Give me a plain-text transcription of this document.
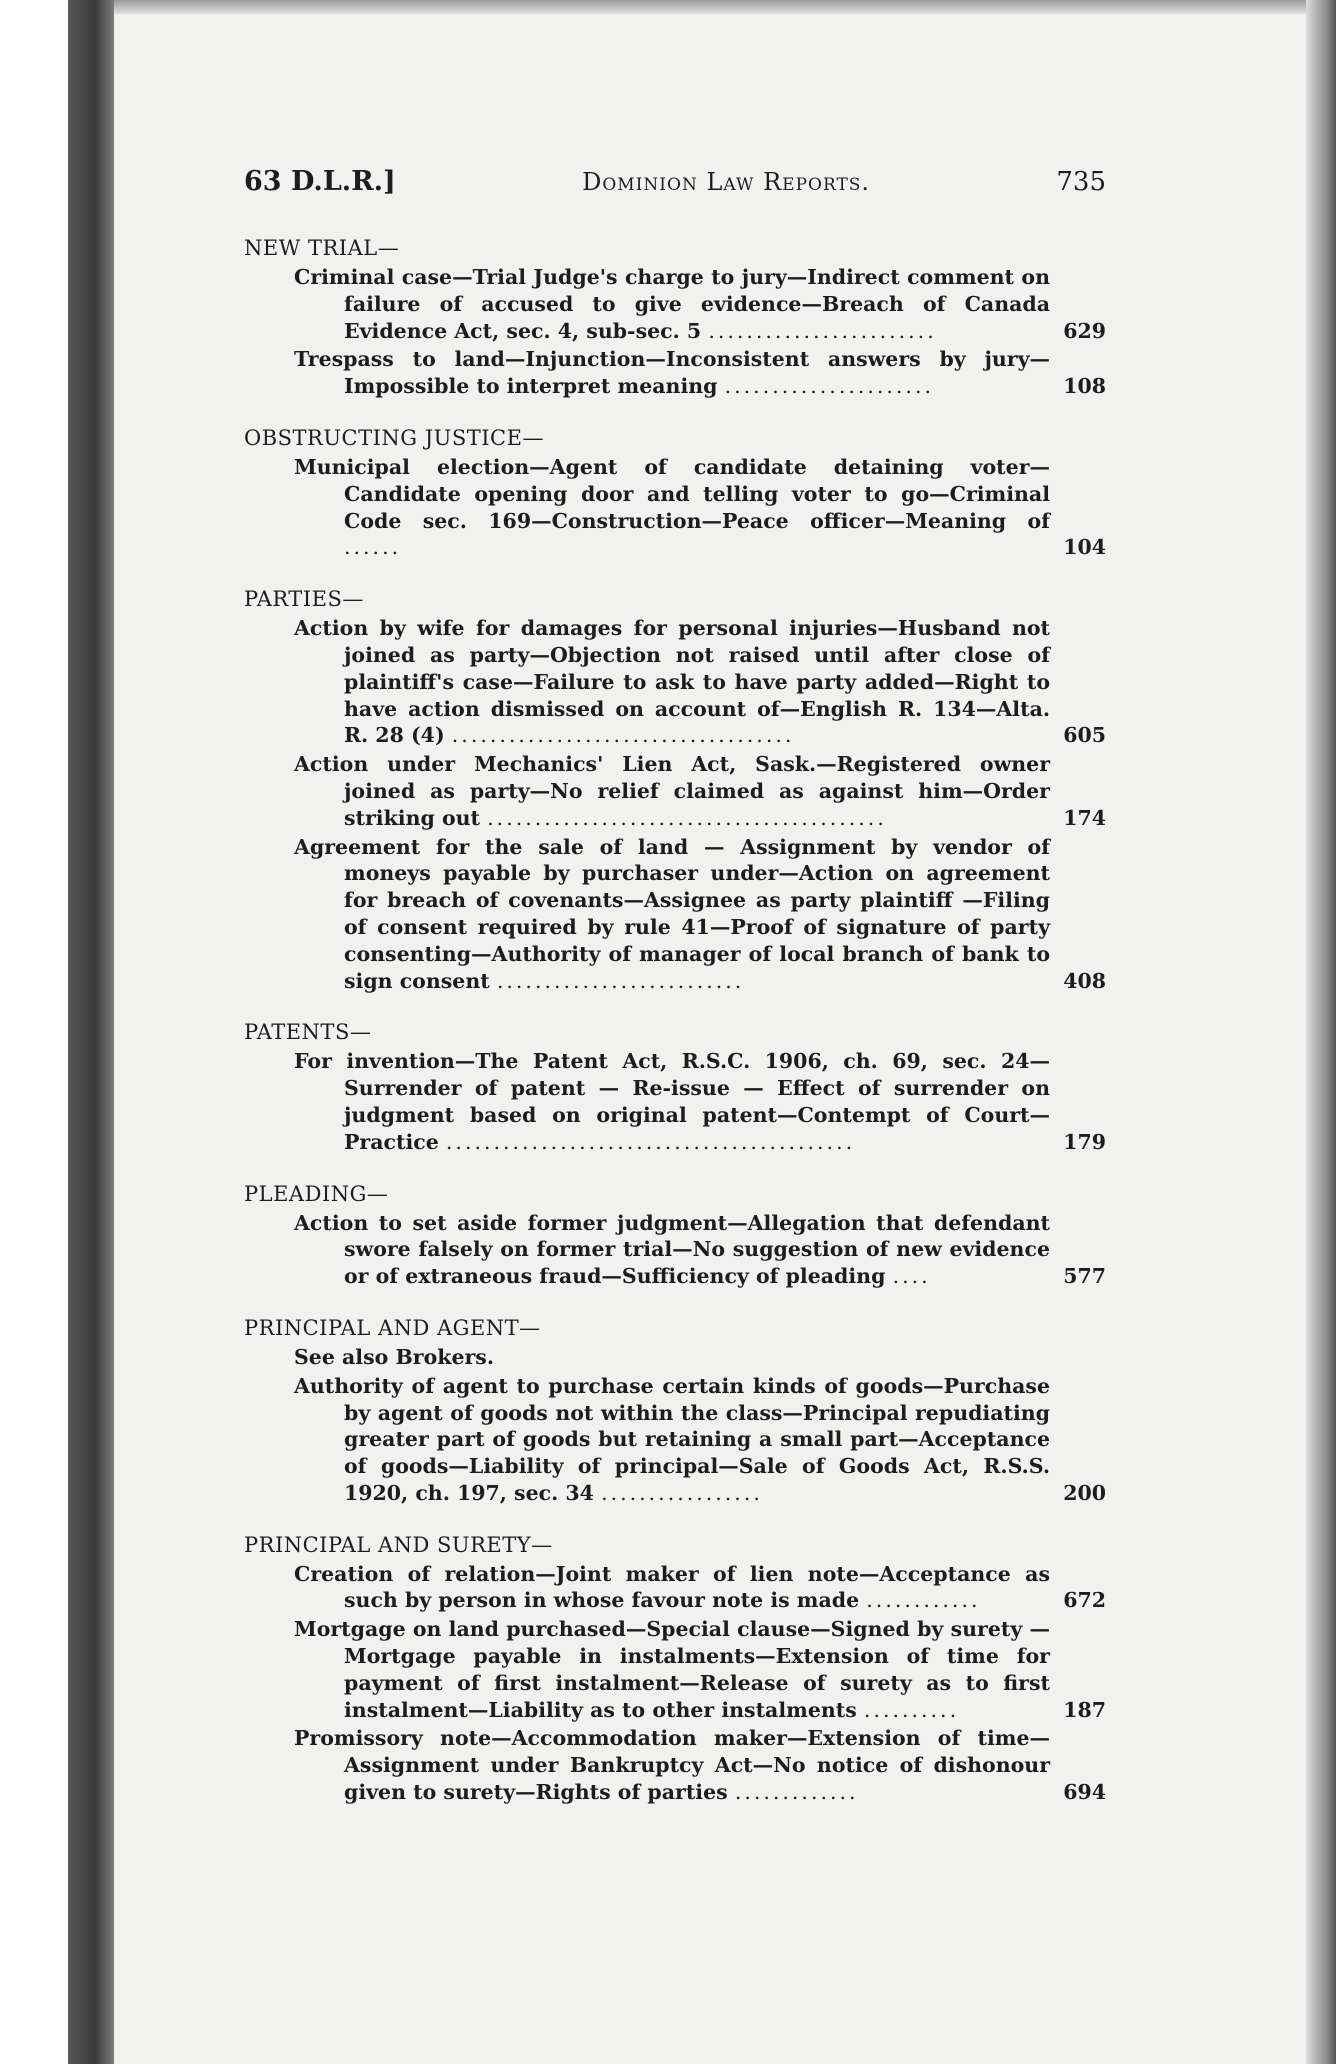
63 D.L.R.]	Dominion Law Reports.	735
NEW TRIAL—
Criminal case—Trial Judge's charge to jury—Indirect comment on failure of accused to give evidence—Breach of Canada Evidence Act, sec. 4, sub-sec. 5 ........................	629
Trespass to land—Injunction—Inconsistent answers by jury—Impossible to interpret meaning ......................	108
OBSTRUCTING JUSTICE—
Municipal election—Agent of candidate detaining voter—Candidate opening door and telling voter to go—Criminal Code sec. 169—Construction—Peace officer—Meaning of ......	104
PARTIES—
Action by wife for damages for personal injuries—Husband not joined as party—Objection not raised until after close of plaintiff's case—Failure to ask to have party added—Right to have action dismissed on account of—English R. 134—Alta. R. 28 (4) ....................................	605
Action under Mechanics' Lien Act, Sask.—Registered owner joined as party—No relief claimed as against him—Order striking out ..........................................	174
Agreement for the sale of land — Assignment by vendor of moneys payable by purchaser under—Action on agreement for breach of covenants—Assignee as party plaintiff —Filing of consent required by rule 41—Proof of signature of party consenting—Authority of manager of local branch of bank to sign consent ..........................	408
PATENTS—
For invention—The Patent Act, R.S.C. 1906, ch. 69, sec. 24—Surrender of patent — Re-issue — Effect of surrender on judgment based on original patent—Contempt of Court—Practice ...........................................	179
PLEADING—
Action to set aside former judgment—Allegation that defendant swore falsely on former trial—No suggestion of new evidence or of extraneous fraud—Sufficiency of pleading ....	577
PRINCIPAL AND AGENT—
See also Brokers.
Authority of agent to purchase certain kinds of goods—Purchase by agent of goods not within the class—Principal repudiating greater part of goods but retaining a small part—Acceptance of goods—Liability of principal—Sale of Goods Act, R.S.S. 1920, ch. 197, sec. 34 .................	200
PRINCIPAL AND SURETY—
Creation of relation—Joint maker of lien note—Acceptance as such by person in whose favour note is made ............	672
Mortgage on land purchased—Special clause—Signed by surety —Mortgage payable in instalments—Extension of time for payment of first instalment—Release of surety as to first instalment—Liability as to other instalments ..........	187
Promissory note—Accommodation maker—Extension of time—Assignment under Bankruptcy Act—No notice of dishonour given to surety—Rights of parties .............	694
